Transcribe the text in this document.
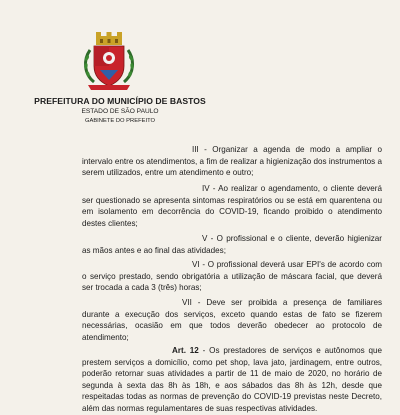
PREFEITURA DO MUNICÍPIO DE BASTOS
ESTADO DE SÃO PAULO
GABINETE DO PREFEITO

III - Organizar a agenda de modo a ampliar o intervalo entre os atendimentos, a fim de realizar a higienização dos instrumentos a serem utilizados, entre um atendimento e outro;

IV - Ao realizar o agendamento, o cliente deverá ser questionado se apresenta sintomas respiratórios ou se está em quarentena ou em isolamento em decorrência do COVID-19, ficando proibido o atendimento destes clientes;

V - O profissional e o cliente, deverão higienizar as mãos antes e ao final das atividades;

VI - O profissional deverá usar EPI's de acordo com o serviço prestado, sendo obrigatória a utilização de máscara facial, que deverá ser trocada a cada 3 (três) horas;

VII - Deve ser proibida a presença de familiares durante a execução dos serviços, exceto quando estas de fato se fizerem necessárias, ocasião em que todos deverão obedecer ao protocolo de atendimento;

Art. 12 - Os prestadores de serviços e autônomos que prestem serviços a domicílio, como pet shop, lava jato, jardinagem, entre outros, poderão retornar suas atividades a partir de 11 de maio de 2020, no horário de segunda à sexta das 8h às 18h, e aos sábados das 8h às 12h, desde que respeitadas todas as normas de prevenção do COVID-19 previstas neste Decreto, além das normas regulamentares de suas respectivas atividades.
